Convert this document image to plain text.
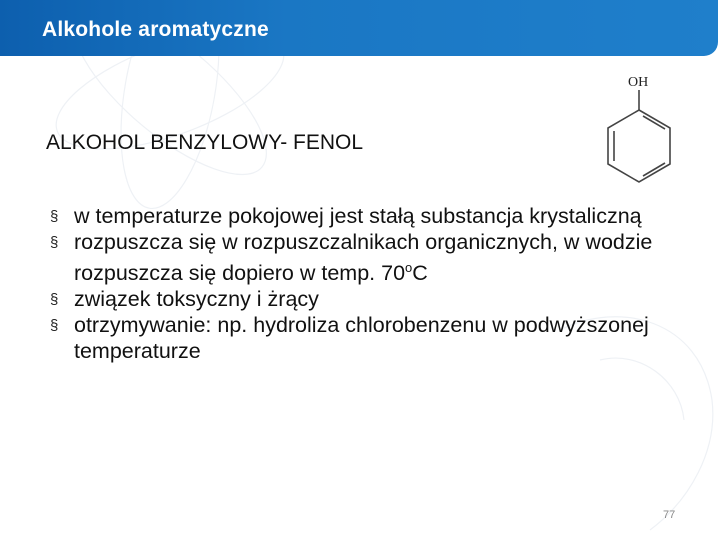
Alkohole aromatyczne
ALKOHOL BENZYLOWY- FENOL
OH
§ w temperaturze pokojowej jest stałą substancja krystaliczną
§ rozpuszcza się w rozpuszczalnikach organicznych, w wodzie rozpuszcza się dopiero w temp. 70$^o$C
§ związek toksyczny i żrący
§ otrzymywanie: np. hydroliza chlorobenzenu w podwyższonej temperaturze
77
